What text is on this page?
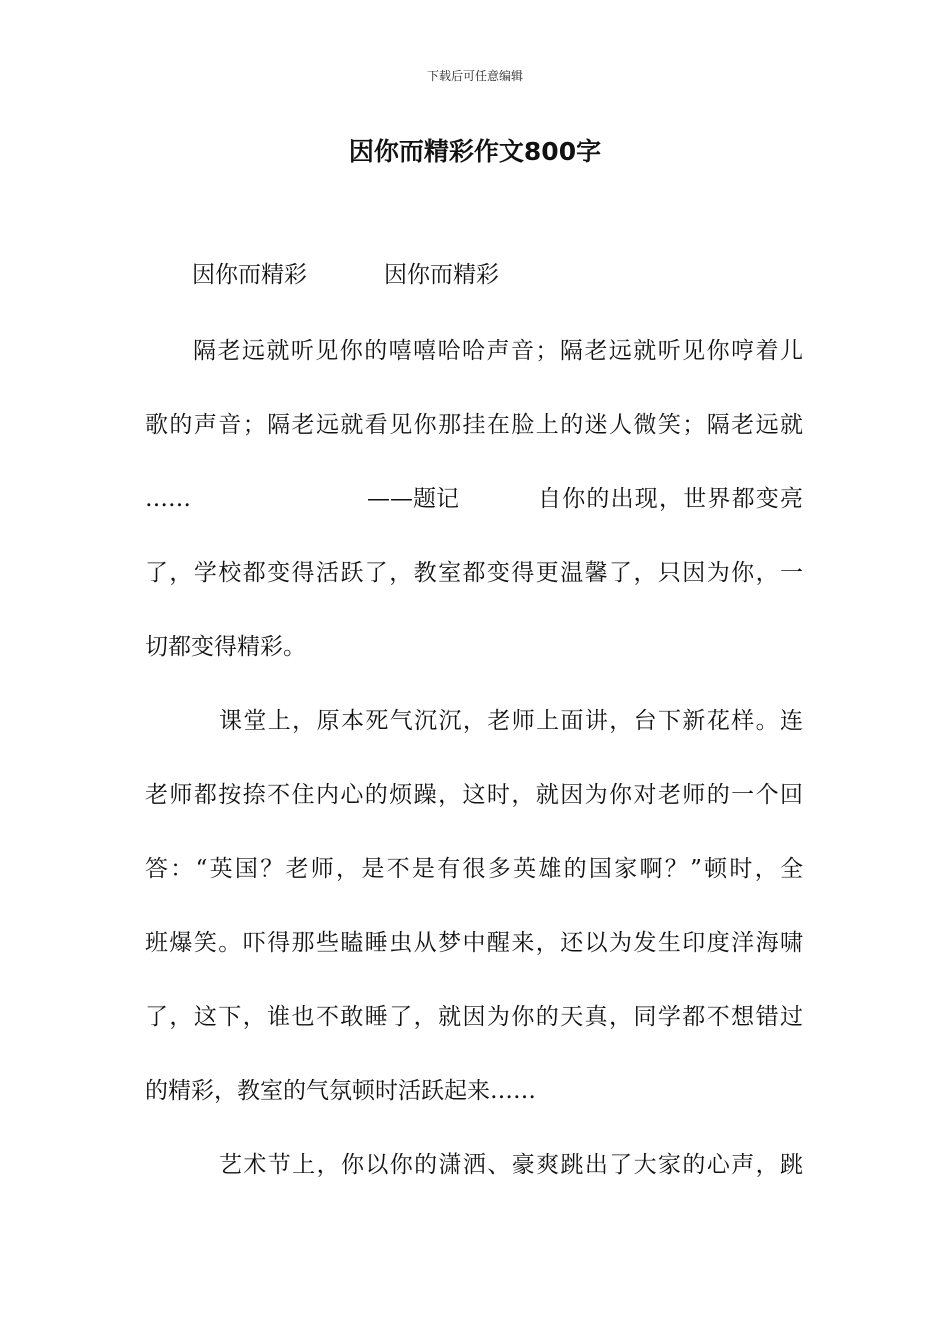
下载后可任意编辑
因你而精彩作文800字
因你而精彩	因你而精彩
隔老远就听见你的嘻嘻哈哈声音；隔老远就听见你哼着儿
歌的声音；隔老远就看见你那挂在脸上的迷人微笑；隔老远就
……	——题记	自你的出现，世界都变亮
了，学校都变得活跃了，教室都变得更温馨了，只因为你，一
切都变得精彩。
课堂上，原本死气沉沉，老师上面讲，台下新花样。连
老师都按捺不住内心的烦躁，这时，就因为你对老师的一个回
答：“英国？老师，是不是有很多英雄的国家啊？”顿时，全
班爆笑。吓得那些瞌睡虫从梦中醒来，还以为发生印度洋海啸
了，这下，谁也不敢睡了，就因为你的天真，同学都不想错过
的精彩，教室的气氛顿时活跃起来……
艺术节上，你以你的潇洒、豪爽跳出了大家的心声，跳
